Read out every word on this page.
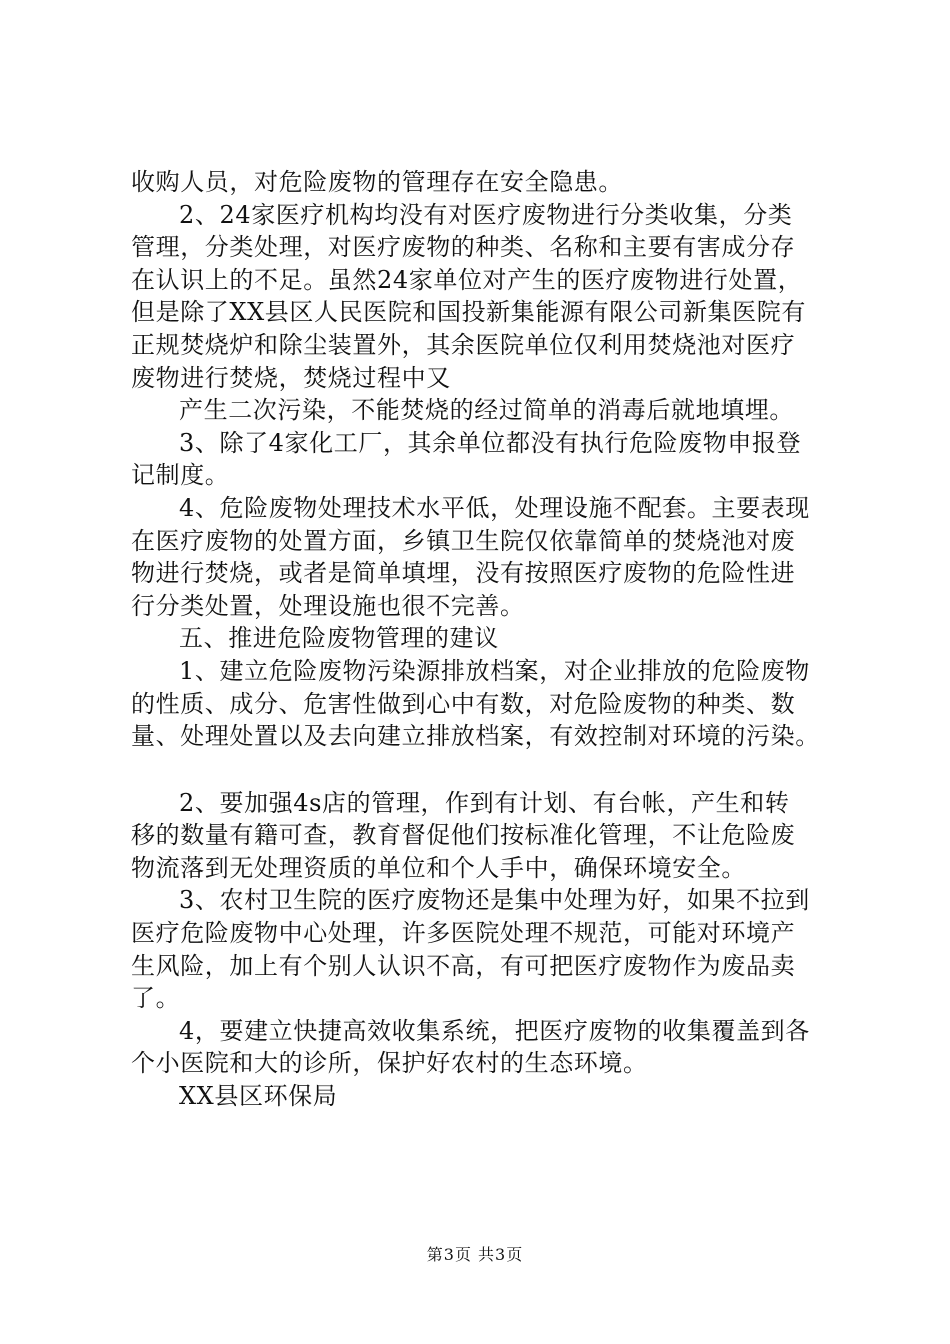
收购人员，对危险废物的管理存在安全隐患。
2、24家医疗机构均没有对医疗废物进行分类收集，分类
管理，分类处理，对医疗废物的种类、名称和主要有害成分存
在认识上的不足。虽然24家单位对产生的医疗废物进行处置，
但是除了XX县区人民医院和国投新集能源有限公司新集医院有
正规焚烧炉和除尘装置外，其余医院单位仅利用焚烧池对医疗
废物进行焚烧，焚烧过程中又
产生二次污染，不能焚烧的经过简单的消毒后就地填埋。
3、除了4家化工厂，其余单位都没有执行危险废物申报登
记制度。
4、危险废物处理技术水平低，处理设施不配套。主要表现
在医疗废物的处置方面，乡镇卫生院仅依靠简单的焚烧池对废
物进行焚烧，或者是简单填埋，没有按照医疗废物的危险性进
行分类处置，处理设施也很不完善。
五、推进危险废物管理的建议
1、建立危险废物污染源排放档案，对企业排放的危险废物
的性质、成分、危害性做到心中有数，对危险废物的种类、数
量、处理处置以及去向建立排放档案，有效控制对环境的污染。
2、要加强4s店的管理，作到有计划、有台帐，产生和转
移的数量有籍可查，教育督促他们按标准化管理，不让危险废
物流落到无处理资质的单位和个人手中，确保环境安全。
3、农村卫生院的医疗废物还是集中处理为好，如果不拉到
医疗危险废物中心处理，许多医院处理不规范，可能对环境产
生风险，加上有个别人认识不高，有可把医疗废物作为废品卖
了。
4，要建立快捷高效收集系统，把医疗废物的收集覆盖到各
个小医院和大的诊所，保护好农村的生态环境。
XX县区环保局
第3页 共3页
